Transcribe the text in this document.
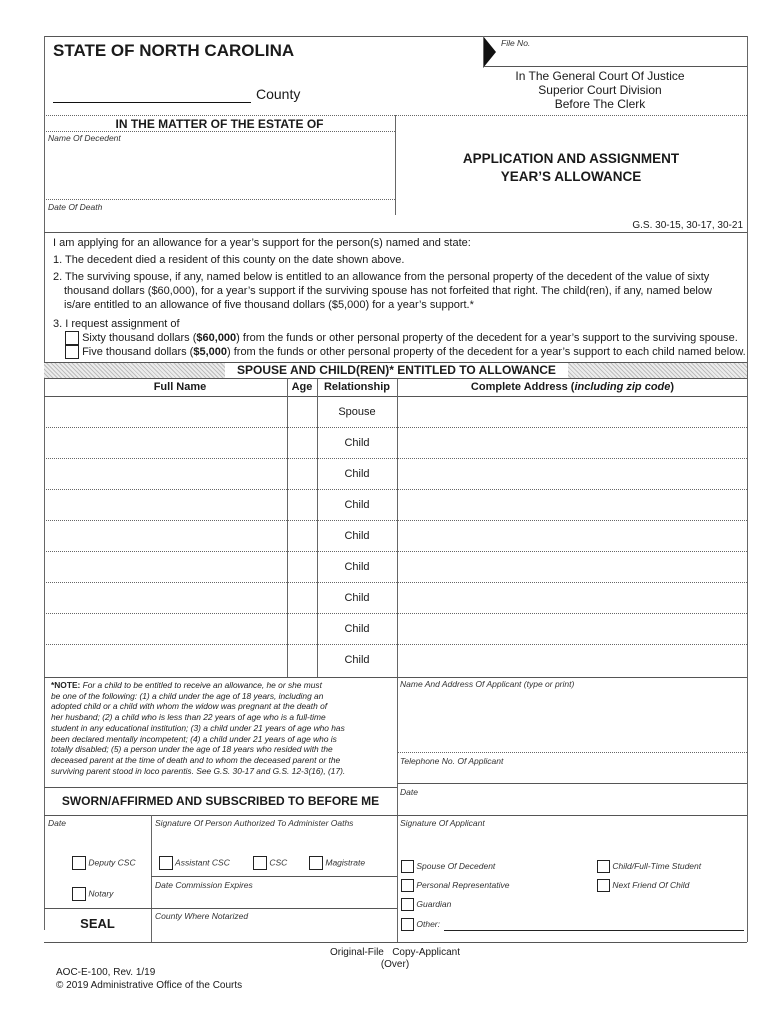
STATE OF NORTH CAROLINA	File No.
County
In The General Court Of Justice
Superior Court Division
Before The Clerk
IN THE MATTER OF THE ESTATE OF
Name Of Decedent
Date Of Death
APPLICATION AND ASSIGNMENT
YEAR’S ALLOWANCE
G.S. 30-15, 30-17, 30-21
I am applying for an allowance for a year’s support for the person(s) named and state:
1. The decedent died a resident of this county on the date shown above.
2. The surviving spouse, if any, named below is entitled to an allowance from the personal property of the decedent of the value of sixty
thousand dollars ($60,000), for a year’s support if the surviving spouse has not forfeited that right. The child(ren), if any, named below
is/are entitled to an allowance of five thousand dollars ($5,000) for a year’s support.*
3. I request assignment of
Sixty thousand dollars ($60,000) from the funds or other personal property of the decedent for a year’s support to the surviving spouse.
Five thousand dollars ($5,000) from the funds or other personal property of the decedent for a year’s support to each child named below.
SPOUSE AND CHILD(REN)* ENTITLED TO ALLOWANCE
Full Name	Age	Relationship	Complete Address (including zip code)
Spouse
Child
Child
Child
Child
Child
Child
Child
Child
*NOTE: For a child to be entitled to receive an allowance, he or she must
be one of the following: (1) a child under the age of 18 years, including an
adopted child or a child with whom the widow was pregnant at the death of
her husband; (2) a child who is less than 22 years of age who is a full-time
student in any educational institution; (3) a child under 21 years of age who has
been declared mentally incompetent; (4) a child under 21 years of age who is
totally disabled; (5) a person under the age of 18 years who resided with the
deceased parent at the time of death and to whom the deceased parent or the
surviving parent stood in loco parentis. See G.S. 30-17 and G.S. 12-3(16), (17).
Name And Address Of Applicant (type or print)
Telephone No. Of Applicant
Date
Signature Of Applicant
Spouse Of Decedent	Child/Full-Time Student
Personal Representative	Next Friend Of Child
Guardian
Other:
SWORN/AFFIRMED AND SUBSCRIBED TO BEFORE ME
Date	Signature Of Person Authorized To Administer Oaths
Deputy CSC	Assistant CSC	CSC	Magistrate
Notary
Date Commission Expires
SEAL	County Where Notarized
Original-File   Copy-Applicant
(Over)
AOC-E-100, Rev. 1/19
© 2019 Administrative Office of the Courts
